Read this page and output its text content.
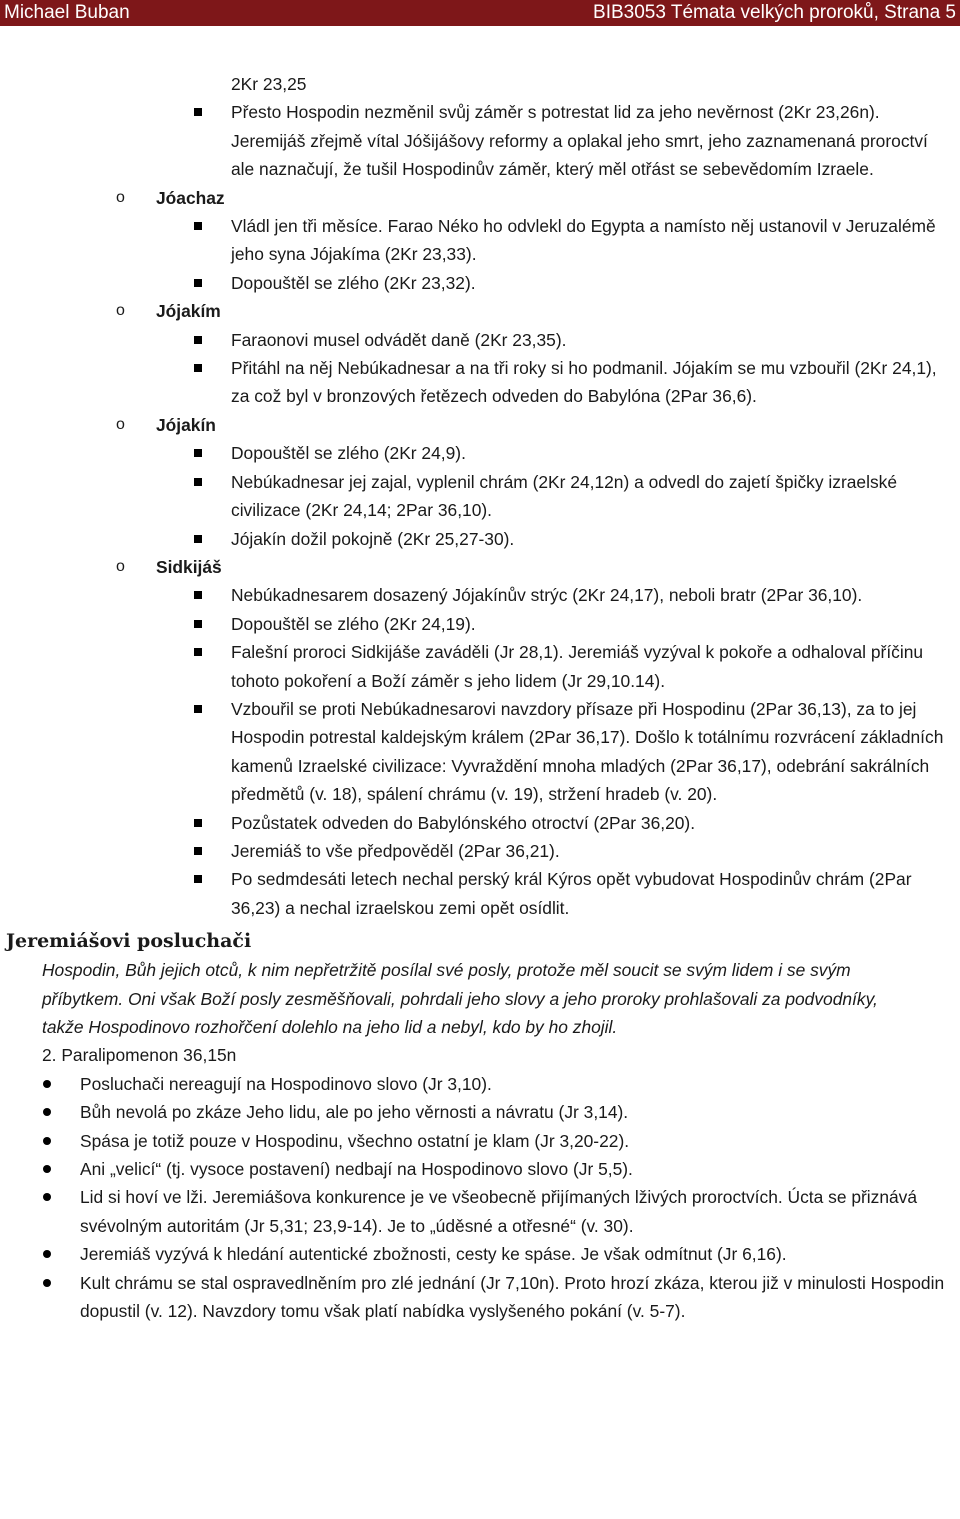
Michael Buban	BIB3053 Témata velkých proroků, Strana 5
2Kr 23,25
Přesto Hospodin nezměnil svůj záměr s potrestat lid za jeho nevěrnost (2Kr 23,26n). Jeremijáš zřejmě vítal Jóšijášovy reformy a oplakal jeho smrt, jeho zaznamenaná proroctví ale naznačují, že tušil Hospodinův záměr, který měl otřást se sebevědomím Izraele.
o Jóachaz
Vládl jen tři měsíce. Farao Néko ho odvlekl do Egypta a namísto něj ustanovil v Jeruzalémě jeho syna Jójakíma (2Kr 23,33).
Dopouštěl se zlého (2Kr 23,32).
o Jójakím
Faraonovi musel odvádět daně (2Kr 23,35).
Přitáhl na něj Nebúkadnesar a na tři roky si ho podmanil. Jójakím se mu vzbouřil (2Kr 24,1), za což byl v bronzových řetězech odveden do Babylóna (2Par 36,6).
o Jójakín
Dopouštěl se zlého (2Kr 24,9).
Nebúkadnesar jej zajal, vyplenil chrám (2Kr 24,12n) a odvedl do zajetí špičky izraelské civilizace (2Kr 24,14; 2Par 36,10).
Jójakín dožil pokojně (2Kr 25,27-30).
o Sidkijáš
Nebúkadnesarem dosazený Jójakínův strýc (2Kr 24,17), neboli bratr (2Par 36,10).
Dopouštěl se zlého (2Kr 24,19).
Falešní proroci Sidkijáše zaváděli (Jr 28,1). Jeremiáš vyzýval k pokoře a odhaloval příčinu tohoto pokoření a Boží záměr s jeho lidem (Jr 29,10.14).
Vzbouřil se proti Nebúkadnesarovi navzdory přísaze při Hospodinu (2Par 36,13), za to jej Hospodin potrestal kaldejským králem (2Par 36,17). Došlo k totálnímu rozvrácení základních kamenů Izraelské civilizace: Vyvraždění mnoha mladých (2Par 36,17), odebrání sakrálních předmětů (v. 18), spálení chrámu (v. 19), stržení hradeb (v. 20).
Pozůstatek odveden do Babylónského otroctví (2Par 36,20).
Jeremiáš to vše předpověděl (2Par 36,21).
Po sedmdesáti letech nechal perský král Kýros opět vybudovat Hospodinův chrám (2Par 36,23) a nechal izraelskou zemi opět osídlit.
Jeremiášovi posluchači
Hospodin, Bůh jejich otců, k nim nepřetržitě posílal své posly, protože měl soucit se svým lidem i se svým příbytkem. Oni však Boží posly zesměšňovali, pohrdali jeho slovy a jeho proroky prohlašovali za podvodníky, takže Hospodinovo rozhořčení dolehlo na jeho lid a nebyl, kdo by ho zhojil.
2. Paralipomenon 36,15n
Posluchači nereagují na Hospodinovo slovo (Jr 3,10).
Bůh nevolá po zkáze Jeho lidu, ale po jeho věrnosti a návratu (Jr 3,14).
Spása je totiž pouze v Hospodinu, všechno ostatní je klam (Jr 3,20-22).
Ani „velicí“ (tj. vysoce postavení) nedbají na Hospodinovo slovo (Jr 5,5).
Lid si hoví ve lži. Jeremiášova konkurence je ve všeobecně přijímaných lživých proroctvích. Úcta se přiznává svévolným autoritám (Jr 5,31; 23,9-14). Je to „úděsné a otřesné“ (v. 30).
Jeremiáš vyzývá k hledání autentické zbožnosti, cesty ke spáse. Je však odmítnut (Jr 6,16).
Kult chrámu se stal ospravedlněním pro zlé jednání (Jr 7,10n). Proto hrozí zkáza, kterou již v minulosti Hospodin dopustil (v. 12). Navzdory tomu však platí nabídka vyslyšeného pokání (v. 5-7).
